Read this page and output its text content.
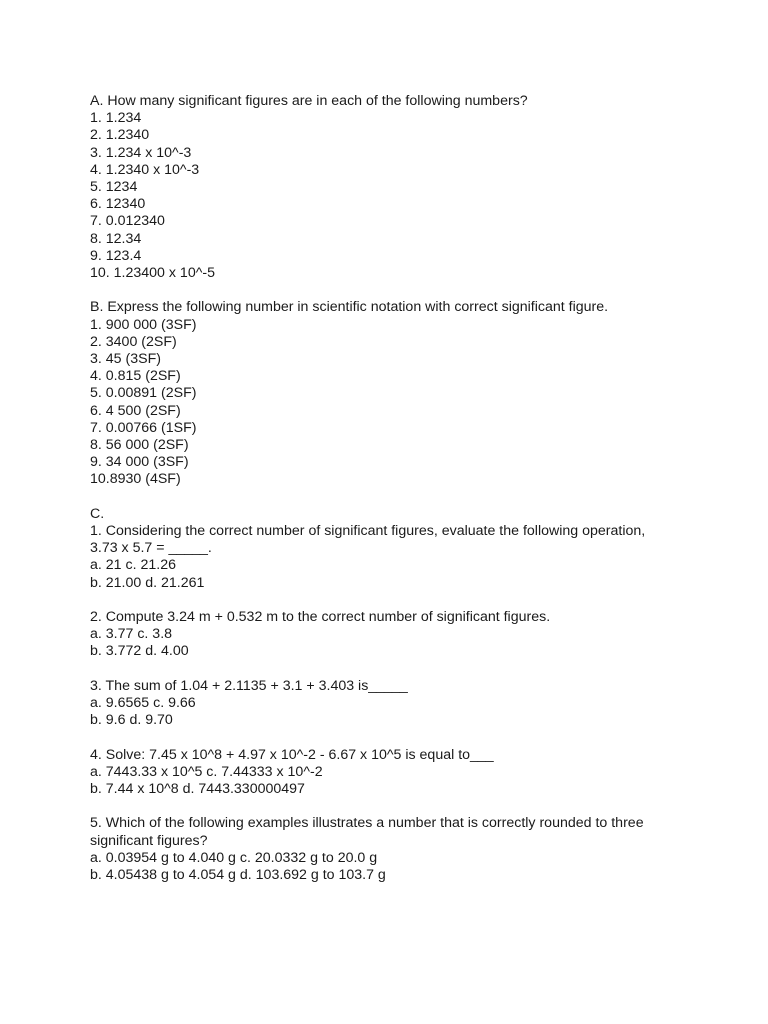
A. How many significant figures are in each of the following numbers?
1. 1.234
2. 1.2340
3. 1.234 x 10^-3
4. 1.2340 x 10^-3
5. 1234
6. 12340
7. 0.012340
8. 12.34
9. 123.4
10. 1.23400 x 10^-5
B. Express the following number in scientific notation with correct significant figure.
1. 900 000 (3SF)
2. 3400 (2SF)
3. 45 (3SF)
4. 0.815 (2SF)
5. 0.00891 (2SF)
6. 4 500 (2SF)
7. 0.00766 (1SF)
8. 56 000 (2SF)
9. 34 000 (3SF)
10.8930 (4SF)
C.
1. Considering the correct number of significant figures, evaluate the following operation,
3.73 x 5.7 = _____.
a. 21 c. 21.26
b. 21.00 d. 21.261
2. Compute 3.24 m + 0.532 m to the correct number of significant figures.
a. 3.77 c. 3.8
b. 3.772 d. 4.00
3. The sum of 1.04 + 2.1135 + 3.1 + 3.403 is_____
a. 9.6565 c. 9.66
b. 9.6 d. 9.70
4. Solve: 7.45 x 10^8 + 4.97 x 10^-2 - 6.67 x 10^5 is equal to___
a. 7443.33 x 10^5 c. 7.44333 x 10^-2
b. 7.44 x 10^8 d. 7443.330000497
5. Which of the following examples illustrates a number that is correctly rounded to three significant figures?
a. 0.03954 g to 4.040 g c. 20.0332 g to 20.0 g
b. 4.05438 g to 4.054 g d. 103.692 g to 103.7 g
